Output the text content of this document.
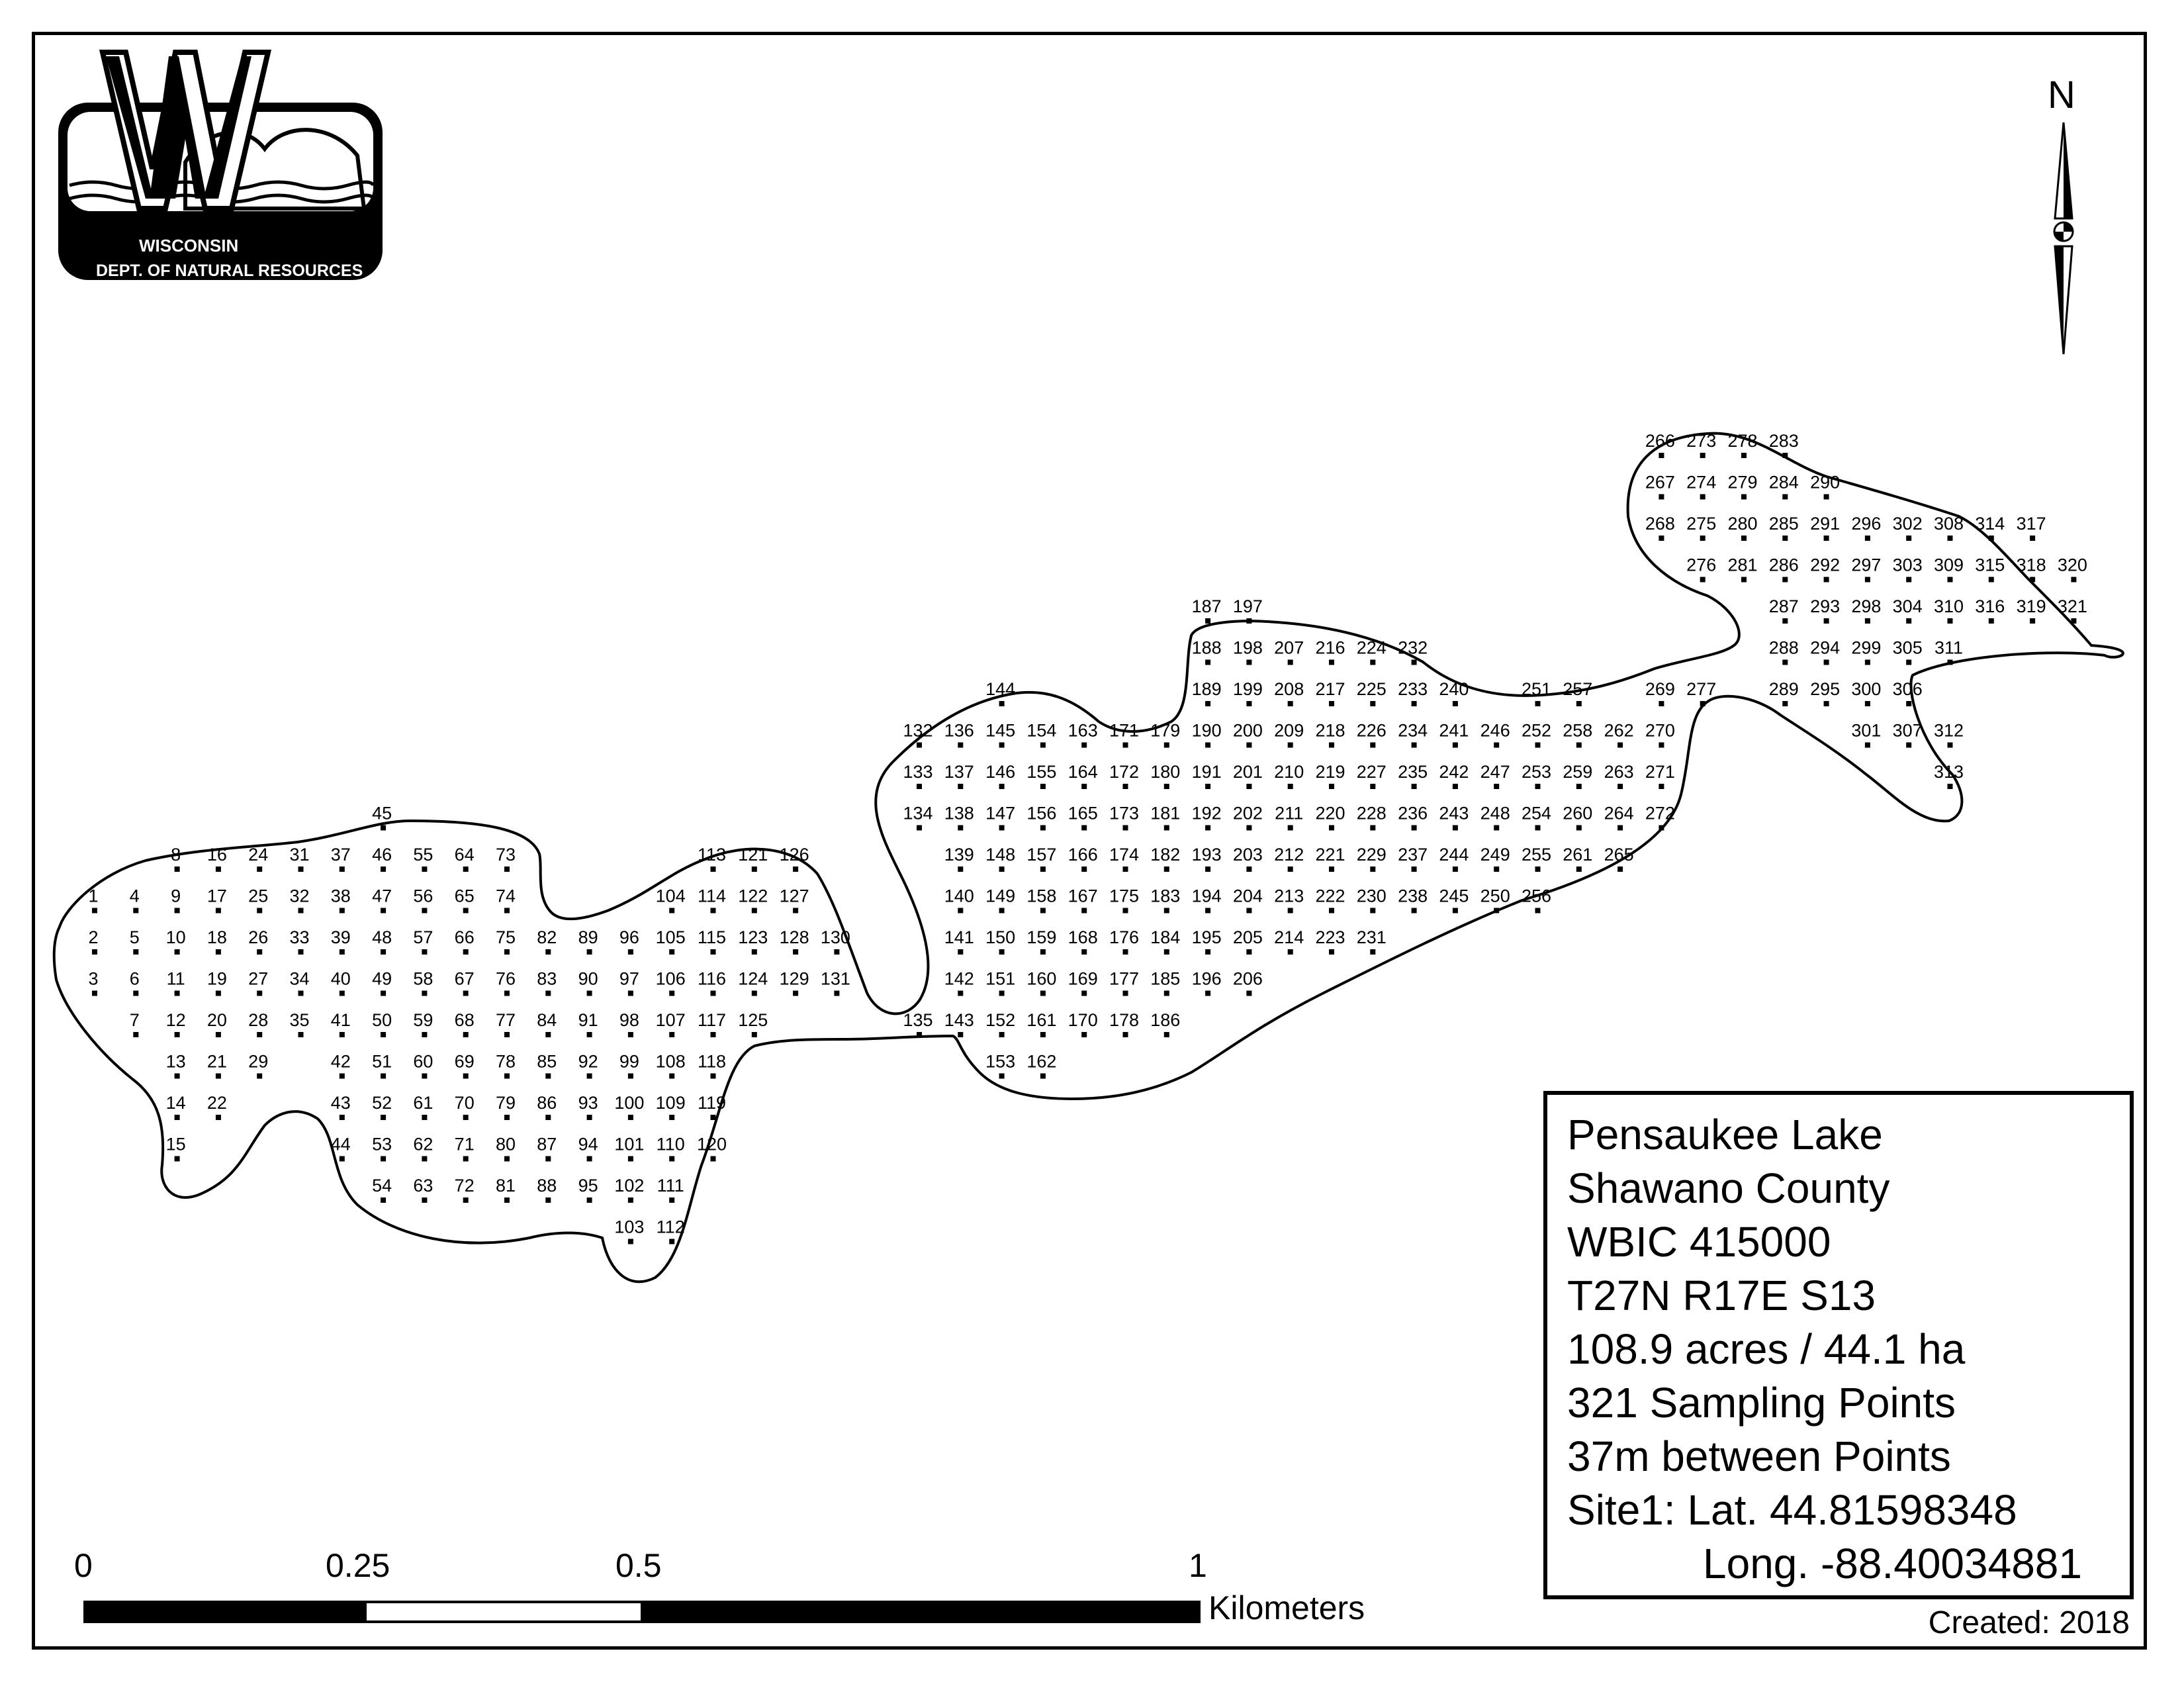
1
2
3
4
5
6
7
8
9
10
11
12
13
14
15
16
17
18
19
20
21
22
24
25
26
27
28
29
31
32
33
34
35
37
38
39
40
41
42
43
44
45
46
47
48
49
50
51
52
53
54
55
56
57
58
59
60
61
62
63
64
65
66
67
68
69
70
71
72
73
74
75
76
77
78
79
80
81
82
83
84
85
86
87
88
89
90
91
92
93
94
95
96
97
98
99
100
101
102
103
104
105
106
107
108
109
110
111
112
113
114
115
116
117
118
119
120
121
122
123
124
125
126
127
128
129
130
131
132
133
134
135
136
137
138
139
140
141
142
143
144
145
146
147
148
149
150
151
152
153
154
155
156
157
158
159
160
161
162
163
164
165
166
167
168
169
170
171
172
173
174
175
176
177
178
179
180
181
182
183
184
185
186
187
188
189
190
191
192
193
194
195
196
197
198
199
200
201
202
203
204
205
206
207
208
209
210
211
212
213
214
216
217
218
219
220
221
222
223
224
225
226
227
228
229
230
231
232
233
234
235
236
237
238
240
241
242
243
244
245
246
247
248
249
250
251
252
253
254
255
256
257
258
259
260
261
262
263
264
265
266
267
268
269
270
271
272
273
274
275
276
277
278
279
280
281
283
284
285
286
287
288
289
290
291
292
293
294
295
296
297
298
299
300
301
302
303
304
305
306
307
308
309
310
311
312
313
314
315
316
317
318
319
320
321
WISCONSIN
DEPT. OF NATURAL RESOURCES
N
0	0.25	0.5	1
Kilometers
Pensaukee Lake
Shawano County
WBIC 415000
T27N R17E S13
108.9 acres / 44.1 ha
321 Sampling Points
37m between Points
Site1: Lat. 44.81598348
Long. -88.40034881
Created: 2018
